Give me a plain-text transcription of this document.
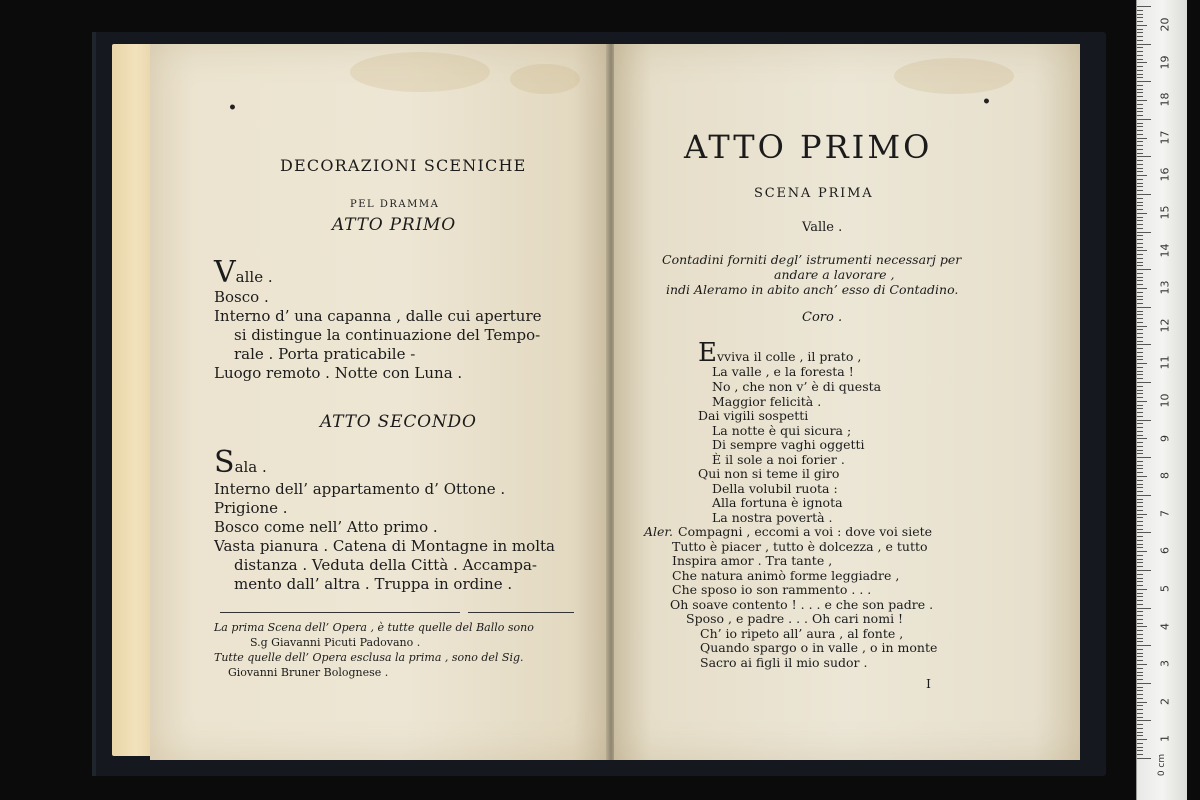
•
DECORAZIONI SCENICHE
PEL DRAMMA
ATTO PRIMO
Valle .
Bosco .
Interno d’ una capanna , dalle cui aperture
si distingue la continuazione del Tempo-
rale . Porta praticabile -
Luogo remoto . Notte con Luna .
ATTO SECONDO
Sala .
Interno dell’ appartamento d’ Ottone .
Prigione .
Bosco come nell’ Atto primo .
Vasta pianura . Catena di Montagne in molta
distanza . Veduta della Città . Accampa-
mento dall’ altra . Truppa in ordine .
La prima Scena dell’ Opera , è tutte quelle del Ballo sono
S.g Giavanni Picuti Padovano .
Tutte quelle dell’ Opera esclusa la prima , sono del Sig.
Giovanni Bruner Bolognese .
•
ATTO PRIMO
SCENA PRIMA
Valle .
Contadini forniti degl’ istrumenti necessarj per
andare a lavorare ,
indi Aleramo in abito anch’ esso di Contadino.
Coro .
Evviva il colle , il prato ,
La valle , e la foresta !
No , che non v’ è di questa
Maggior felicità .
Dai vigili sospetti
La notte è qui sicura ;
Di sempre vaghi oggetti
È il sole a noi forier .
Qui non si teme il giro
Della volubil ruota :
Alla fortuna è ignota
La nostra povertà .
Aler. Compagni , eccomi a voi : dove voi siete
Tutto è piacer , tutto è dolcezza , e tutto
Inspira amor . Tra tante ,
Che natura animò forme leggiadre ,
Che sposo io son rammento . . .
Oh soave contento ! . . . e che son padre .
Sposo , e padre . . . Oh cari nomi !
Ch’ io ripeto all’ aura , al fonte ,
Quando spargo o in valle , o in monte
Sacro ai figli il mio sudor .
I
0 cm
20
19
18
17
16
15
14
13
12
11
10
9
8
7
6
5
4
3
2
1
